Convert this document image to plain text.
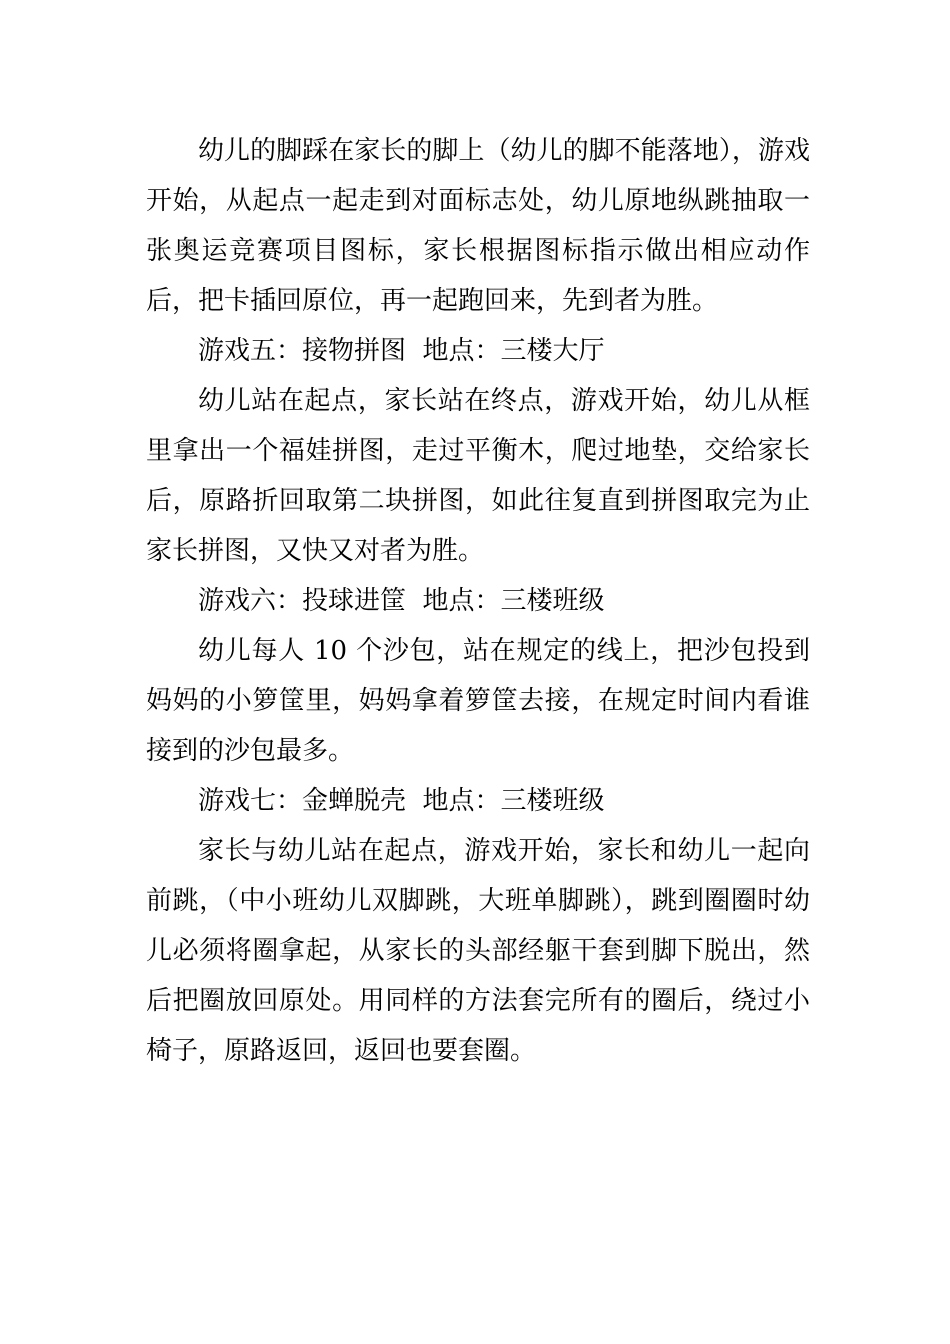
幼儿的脚踩在家长的脚上（幼儿的脚不能落地），游戏开始，从起点一起走到对面标志处，幼儿原地纵跳抽取一张奥运竞赛项目图标，家长根据图标指示做出相应动作后，把卡插回原位，再一起跑回来，先到者为胜。

游戏五：接物拼图  地点：三楼大厅

幼儿站在起点，家长站在终点，游戏开始，幼儿从框里拿出一个福娃拼图，走过平衡木，爬过地垫，交给家长后，原路折回取第二块拼图，如此往复直到拼图取完为止家长拼图，又快又对者为胜。

游戏六：投球进筐  地点：三楼班级

幼儿每人 10 个沙包，站在规定的线上，把沙包投到妈妈的小箩筐里，妈妈拿着箩筐去接，在规定时间内看谁接到的沙包最多。

游戏七：金蝉脱壳  地点：三楼班级

家长与幼儿站在起点，游戏开始，家长和幼儿一起向前跳，（中小班幼儿双脚跳，大班单脚跳），跳到圈圈时幼儿必须将圈拿起，从家长的头部经躯干套到脚下脱出，然后把圈放回原处。用同样的方法套完所有的圈后，绕过小椅子，原路返回，返回也要套圈。
